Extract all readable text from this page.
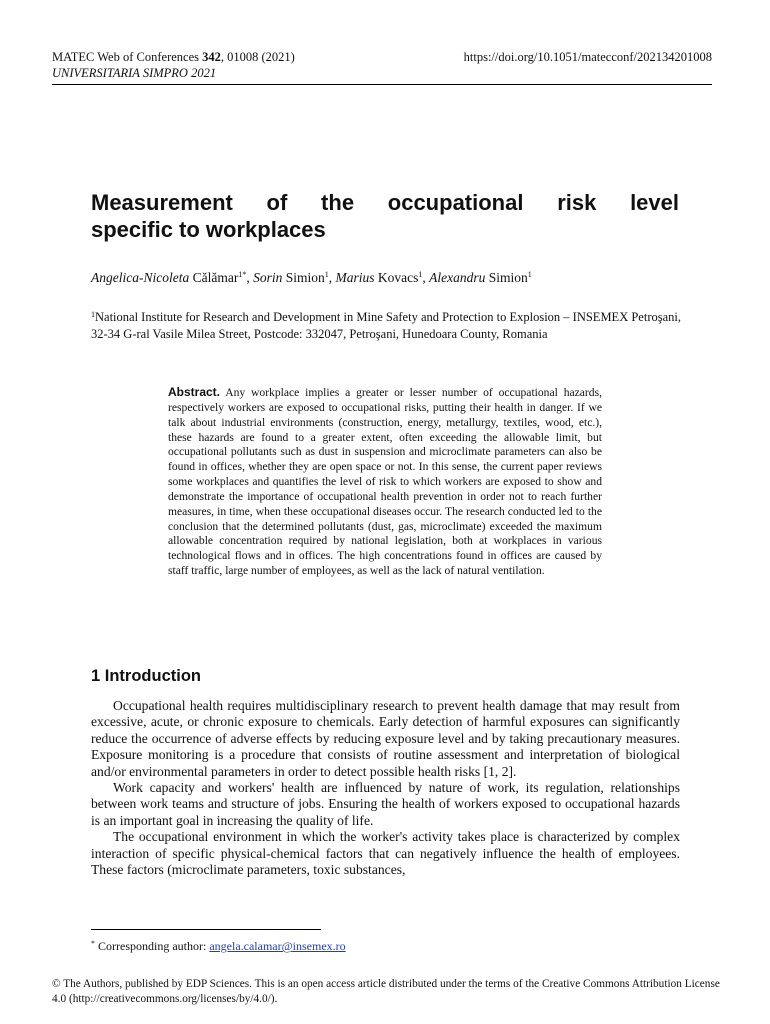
MATEC Web of Conferences 342, 01008 (2021)
UNIVERSITARIA SIMPRO 2021
https://doi.org/10.1051/matecconf/202134201008
Measurement of the occupational risk level
specific to workplaces
Angelica-Nicoleta Călămar$^{1*}$, Sorin Simion$^1$, Marius Kovacs$^1$, Alexandru Simion$^1$
$^1$National Institute for Research and Development in Mine Safety and Protection to Explosion – INSEMEX Petroşani, 32-34 G-ral Vasile Milea Street, Postcode: 332047, Petroşani, Hunedoara County, Romania
Abstract. Any workplace implies a greater or lesser number of occupational hazards, respectively workers are exposed to occupational risks, putting their health in danger. If we talk about industrial environments (construction, energy, metallurgy, textiles, wood, etc.), these hazards are found to a greater extent, often exceeding the allowable limit, but occupational pollutants such as dust in suspension and microclimate parameters can also be found in offices, whether they are open space or not. In this sense, the current paper reviews some workplaces and quantifies the level of risk to which workers are exposed to show and demonstrate the importance of occupational health prevention in order not to reach further measures, in time, when these occupational diseases occur. The research conducted led to the conclusion that the determined pollutants (dust, gas, microclimate) exceeded the maximum allowable concentration required by national legislation, both at workplaces in various technological flows and in offices. The high concentrations found in offices are caused by staff traffic, large number of employees, as well as the lack of natural ventilation.
1 Introduction

Occupational health requires multidisciplinary research to prevent health damage that may result from excessive, acute, or chronic exposure to chemicals. Early detection of harmful exposures can significantly reduce the occurrence of adverse effects by reducing exposure level and by taking precautionary measures. Exposure monitoring is a procedure that consists of routine assessment and interpretation of biological and/or environmental parameters in order to detect possible health risks [1, 2].

Work capacity and workers' health are influenced by nature of work, its regulation, relationships between work teams and structure of jobs. Ensuring the health of workers exposed to occupational hazards is an important goal in increasing the quality of life.

The occupational environment in which the worker's activity takes place is characterized by complex interaction of specific physical-chemical factors that can negatively influence the health of employees. These factors (microclimate parameters, toxic substances,

* Corresponding author: angela.calamar@insemex.ro
© The Authors, published by EDP Sciences. This is an open access article distributed under the terms of the Creative Commons Attribution License 4.0 (http://creativecommons.org/licenses/by/4.0/).
